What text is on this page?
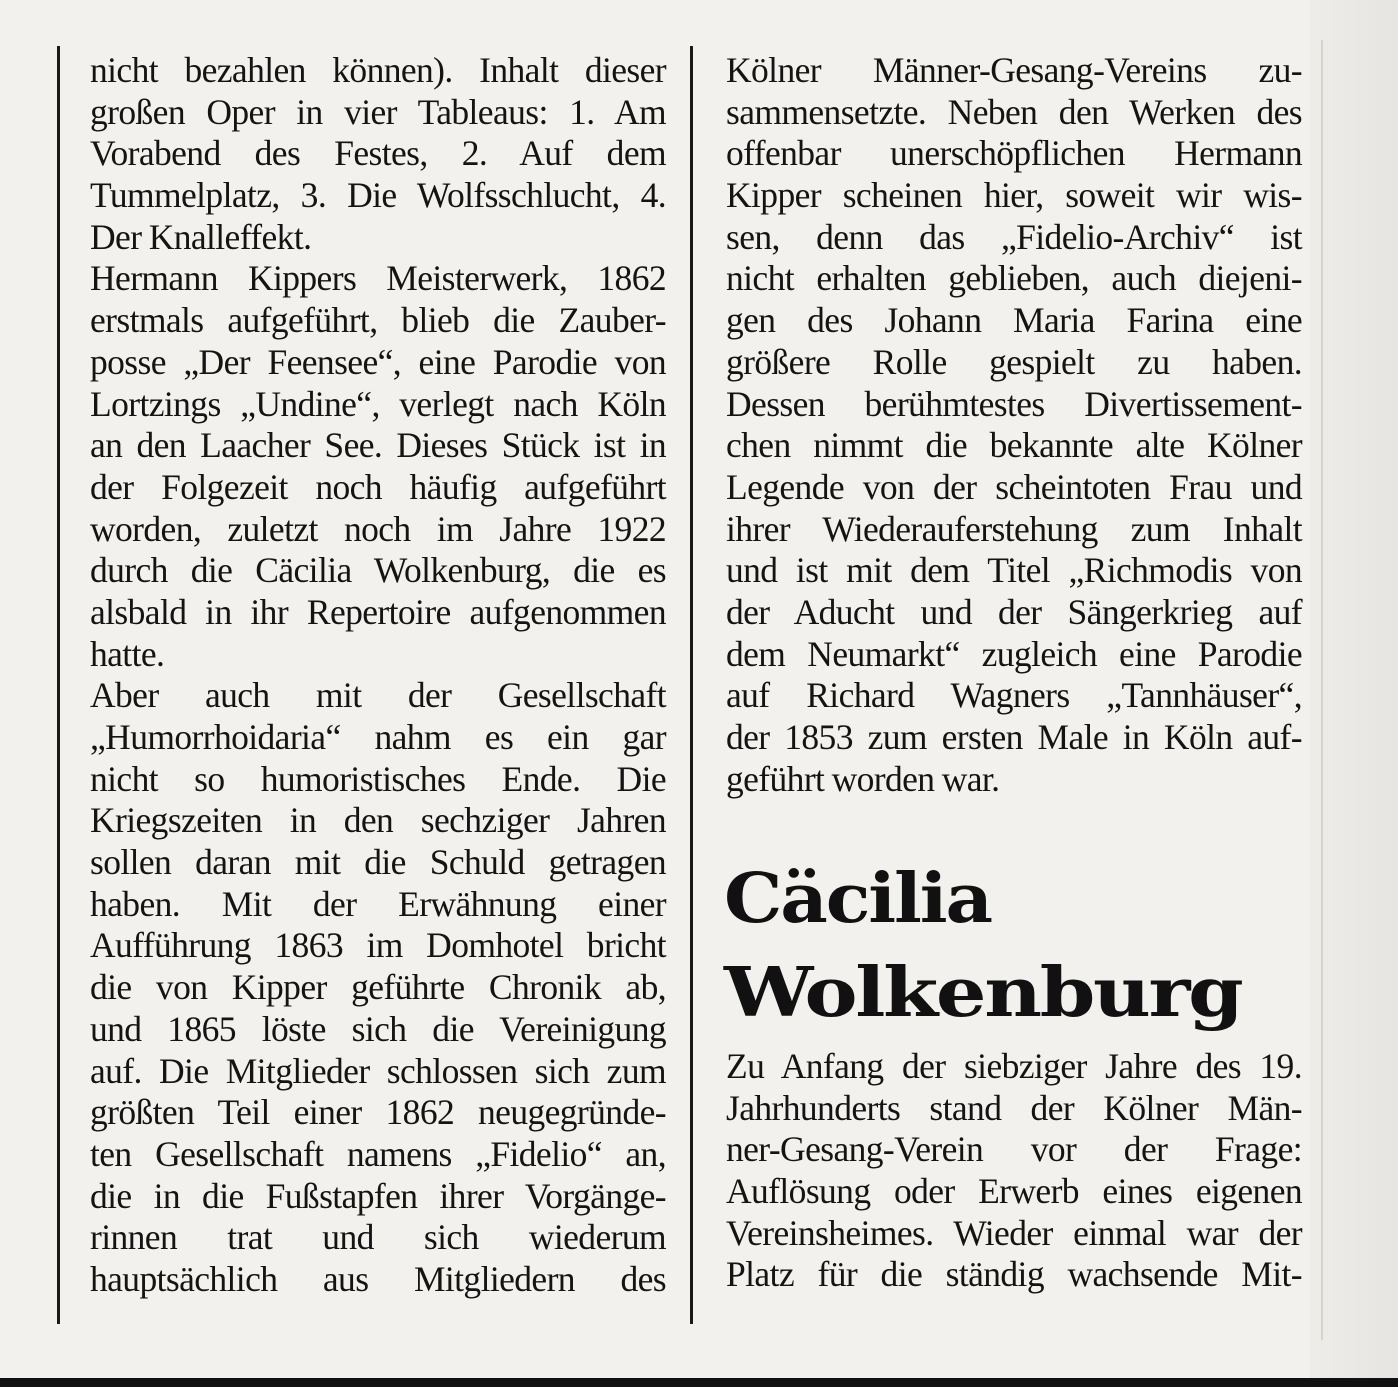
nicht bezahlen können). Inhalt dieser
großen Oper in vier Tableaus: 1. Am
Vorabend des Festes, 2. Auf dem
Tummelplatz, 3. Die Wolfsschlucht, 4.
Der Knalleffekt.
Hermann Kippers Meisterwerk, 1862
erstmals aufgeführt, blieb die Zauber-
posse „Der Feensee“, eine Parodie von
Lortzings „Undine“, verlegt nach Köln
an den Laacher See. Dieses Stück ist in
der Folgezeit noch häufig aufgeführt
worden, zuletzt noch im Jahre 1922
durch die Cäcilia Wolkenburg, die es
alsbald in ihr Repertoire aufgenommen
hatte.
Aber auch mit der Gesellschaft
„Humorrhoidaria“ nahm es ein gar
nicht so humoristisches Ende. Die
Kriegszeiten in den sechziger Jahren
sollen daran mit die Schuld getragen
haben. Mit der Erwähnung einer
Aufführung 1863 im Domhotel bricht
die von Kipper geführte Chronik ab,
und 1865 löste sich die Vereinigung
auf. Die Mitglieder schlossen sich zum
größten Teil einer 1862 neugegründe-
ten Gesellschaft namens „Fidelio“ an,
die in die Fußstapfen ihrer Vorgänge-
rinnen trat und sich wiederum
hauptsächlich aus Mitgliedern des
Kölner Männer-Gesang-Vereins zu-
sammensetzte. Neben den Werken des
offenbar unerschöpflichen Hermann
Kipper scheinen hier, soweit wir wis-
sen, denn das „Fidelio-Archiv“ ist
nicht erhalten geblieben, auch diejeni-
gen des Johann Maria Farina eine
größere Rolle gespielt zu haben.
Dessen berühmtestes Divertissement-
chen nimmt die bekannte alte Kölner
Legende von der scheintoten Frau und
ihrer Wiederauferstehung zum Inhalt
und ist mit dem Titel „Richmodis von
der Aducht und der Sängerkrieg auf
dem Neumarkt“ zugleich eine Parodie
auf Richard Wagners „Tannhäuser“,
der 1853 zum ersten Male in Köln auf-
geführt worden war.
Cäcilia
Wolkenburg
Zu Anfang der siebziger Jahre des 19.
Jahrhunderts stand der Kölner Män-
ner-Gesang-Verein vor der Frage:
Auflösung oder Erwerb eines eigenen
Vereinsheimes. Wieder einmal war der
Platz für die ständig wachsende Mit-
